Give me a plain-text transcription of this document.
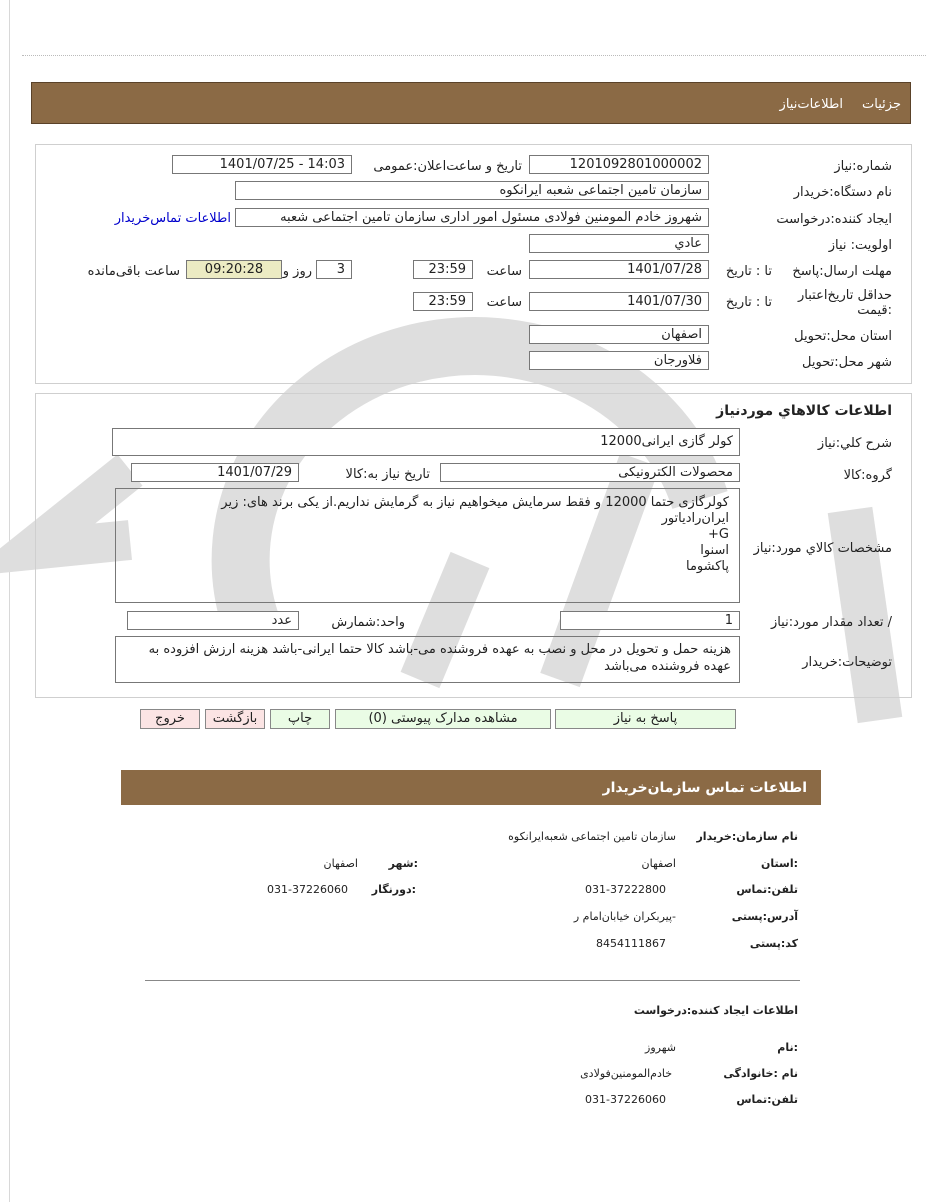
جزئیات
اطلاعات‌نیاز
شماره:نیاز
1201092801000002
تاریخ و ساعت‌اعلان:عمومی
1401/07/25 - 14:03
نام دستگاه:خریدار
سازمان تامین اجتماعی شعبه ایرانکوه
ایجاد کننده:درخواست
شهروز خادم المومنین فولادی مسئول امور اداری سازمان تامین اجتماعی شعبه
اطلاعات تماس‌خریدار
اولویت: نیاز
عادي
مهلت ارسال:پاسخ
تا : تاریخ
1401/07/28
ساعت
23:59
3
روز و
09:20:28
ساعت باقی‌مانده
حداقل تاریخ‌اعتبار :قیمت
تا : تاریخ
1401/07/30
ساعت
23:59
استان محل:تحویل
اصفهان
شهر محل:تحویل
فلاورجان
اطلاعات کالاهاي موردنياز
شرح کلي:نياز
کولر گازی ایرانی12000
گروه:کالا
محصولات الکترونیکی
تاریخ نیاز به:کالا
1401/07/29
مشخصات کالاي مورد:نياز
کولرگازی حتما 12000 و فقط سرمایش میخواهیم نیاز به گرمایش نداریم.از یکی برند های: زیر
ایران‌رادیاتور
G+
اسنوا
پاکشوما
/ تعداد مقدار مورد:نیاز
1
واحد:شمارش
عدد
توضیحات:خریدار
هزینه حمل و تحویل در محل و نصب به عهده فروشنده می-باشد کالا حتما ایرانی-باشد هزینه ارزش افزوده به عهده فروشنده می‌باشد
پاسخ به نیاز
مشاهده مدارک پیوستی (0)
چاپ
بازگشت
خروج
اطلاعات تماس سازمان‌خریدار
نام سازمان:خریدار
سازمان تامین اجتماعی شعبه‌ایرانکوه
:استان
اصفهان
:شهر
اصفهان
تلفن:تماس
031-37222800
:دورنگار
031-37226060
آدرس:پستی
-پیربکران خیابان‌امام ر
کد:پستی
8454111867
اطلاعات ایجاد کننده:درخواست
:نام
شهروز
نام :خانوادگی
خادم‌المومنین‌فولادی
تلفن:تماس
031-37226060
